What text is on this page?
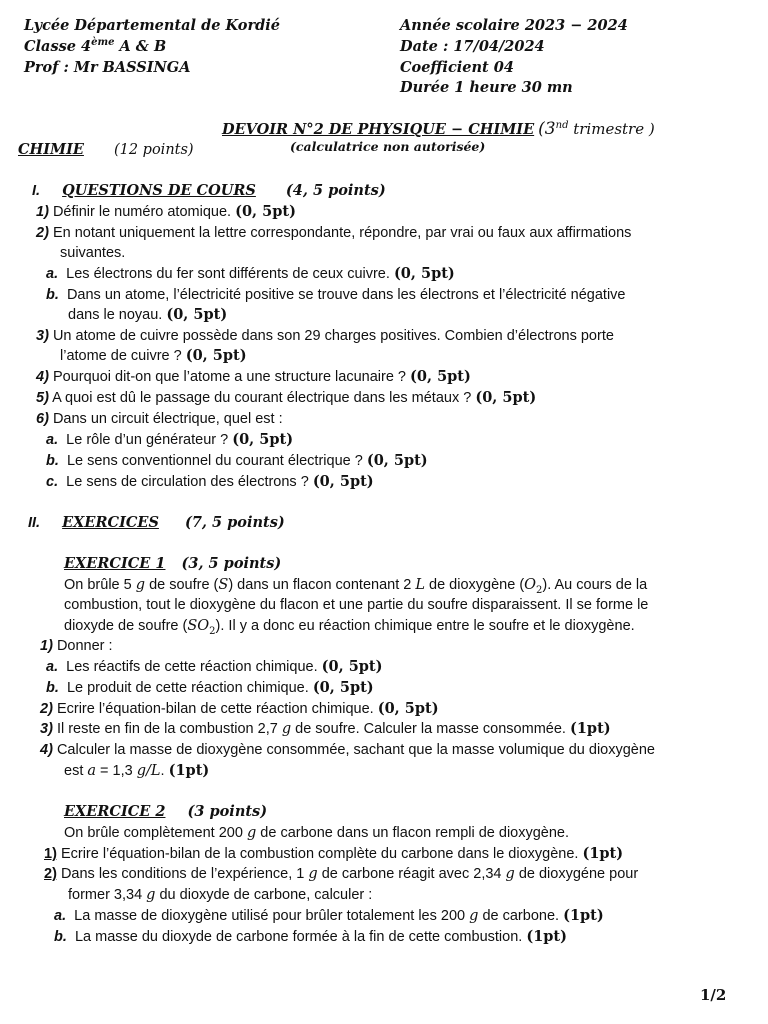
Lycée Départemental de Kordié
Classe 4ème A & B
Prof : Mr BASSINGA
Année scolaire 2023 − 2024
Date : 17/04/2024
Coefficient 04
Durée 1 heure 30 mn
DEVOIR N°2 DE PHYSIQUE − CHIMIE (3nd trimestre )
(calculatrice non autorisée)
CHIMIE (12 points)
I. QUESTIONS DE COURS (4, 5 points)
1) Définir le numéro atomique. (0, 5pt)
2) En notant uniquement la lettre correspondante, répondre, par vrai ou faux aux affirmations
suivantes.
a. Les électrons du fer sont différents de ceux cuivre. (0, 5pt)
b. Dans un atome, l’électricité positive se trouve dans les électrons et l’électricité négative
dans le noyau. (0, 5pt)
3) Un atome de cuivre possède dans son 29 charges positives. Combien d’électrons porte
l’atome de cuivre ? (0, 5pt)
4) Pourquoi dit-on que l’atome a une structure lacunaire ? (0, 5pt)
5) A quoi est dû le passage du courant électrique dans les métaux ? (0, 5pt)
6) Dans un circuit électrique, quel est :
a. Le rôle d’un générateur ? (0, 5pt)
b. Le sens conventionnel du courant électrique ? (0, 5pt)
c. Le sens de circulation des électrons ? (0, 5pt)
II. EXERCICES (7, 5 points)
EXERCICE 1 (3, 5 points)
On brûle 5 g de soufre (S) dans un flacon contenant 2 L de dioxygène $(O_2)$. Au cours de la
combustion, tout le dioxygène du flacon et une partie du soufre disparaissent. Il se forme le
dioxyde de soufre $(SO_2)$. Il y a donc eu réaction chimique entre le soufre et le dioxygène.
1) Donner :
a. Les réactifs de cette réaction chimique. (0, 5pt)
b. Le produit de cette réaction chimique. (0, 5pt)
2) Ecrire l’équation-bilan de cette réaction chimique. (0, 5pt)
3) Il reste en fin de la combustion 2,7 g de soufre. Calculer la masse consommée. (1pt)
4) Calculer la masse de dioxygène consommée, sachant que la masse volumique du dioxygène
est a = 1,3 g/L. (1pt)
EXERCICE 2 (3 points)
On brûle complètement 200 g de carbone dans un flacon rempli de dioxygène.
1) Ecrire l’équation-bilan de la combustion complète du carbone dans le dioxygène. (1pt)
2) Dans les conditions de l’expérience, 1 g de carbone réagit avec 2,34 g de dioxygéne pour
former 3,34 g du dioxyde de carbone, calculer :
a. La masse de dioxygène utilisé pour brûler totalement les 200 g de carbone. (1pt)
b. La masse du dioxyde de carbone formée à la fin de cette combustion. (1pt)
1/2
